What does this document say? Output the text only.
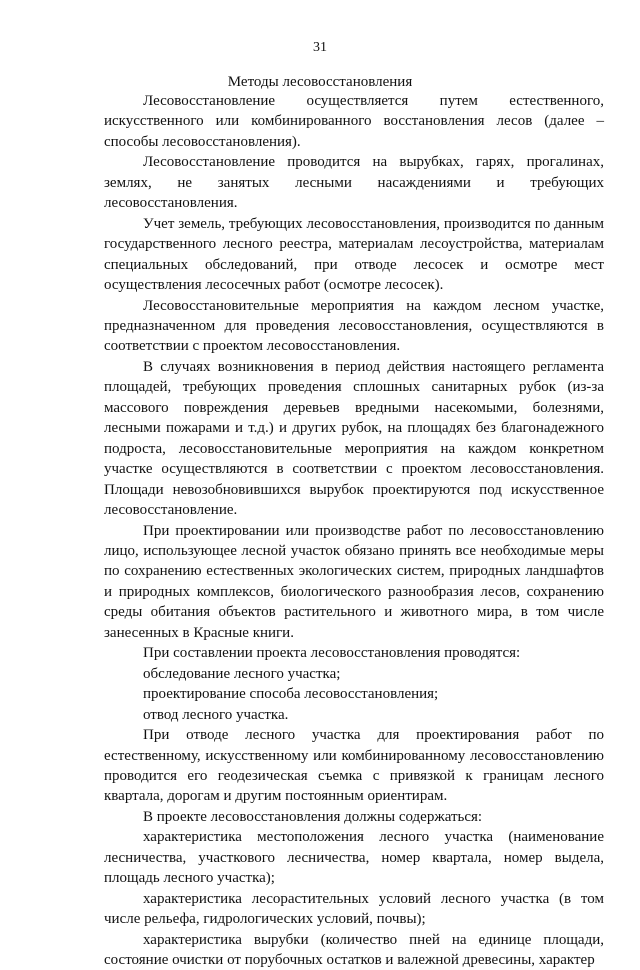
31
Методы лесовосстановления

Лесовосстановление осуществляется путем естественного, искусственного или комбинированного восстановления лесов (далее – способы лесовосстановления).

Лесовосстановление проводится на вырубках, гарях, прогалинах, землях, не занятых лесными насаждениями и требующих лесовосстановления.

Учет земель, требующих лесовосстановления, производится по данным государственного лесного реестра, материалам лесоустройства, материалам специальных обследований, при отводе лесосек и осмотре мест осуществления лесосечных работ (осмотре лесосек).

Лесовосстановительные мероприятия на каждом лесном участке, предназначенном для проведения лесовосстановления, осуществляются в соответствии с проектом лесовосстановления.

В случаях возникновения в период действия настоящего регламента площадей, требующих проведения сплошных санитарных рубок (из-за массового повреждения деревьев вредными насекомыми, болезнями, лесными пожарами и т.д.) и других рубок, на площадях без благонадежного подроста, лесовосстановительные мероприятия на каждом конкретном участке осуществляются в соответствии с проектом лесовосстановления. Площади невозобновившихся вырубок проектируются под искусственное лесовосстановление.

При проектировании или производстве работ по лесовосстановлению лицо, использующее лесной участок обязано принять все необходимые меры по сохранению естественных экологических систем, природных ландшафтов и природных комплексов, биологического разнообразия лесов, сохранению среды обитания объектов растительного и животного мира, в том числе занесенных в Красные книги.

При составлении проекта лесовосстановления проводятся:

обследование лесного участка;

проектирование способа лесовосстановления;

отвод лесного участка.

При отводе лесного участка для проектирования работ по естественному, искусственному или комбинированному лесовосстановлению проводится его геодезическая съемка с привязкой к границам лесного квартала, дорогам и другим постоянным ориентирам.

В проекте лесовосстановления должны содержаться:

характеристика местоположения лесного участка (наименование лесничества, участкового лесничества, номер квартала, номер выдела, площадь лесного участка);

характеристика лесорастительных условий лесного участка (в том числе рельефа, гидрологических условий, почвы);

характеристика вырубки (количество пней на единице площади, состояние очистки от порубочных остатков и валежной древесины, характер
